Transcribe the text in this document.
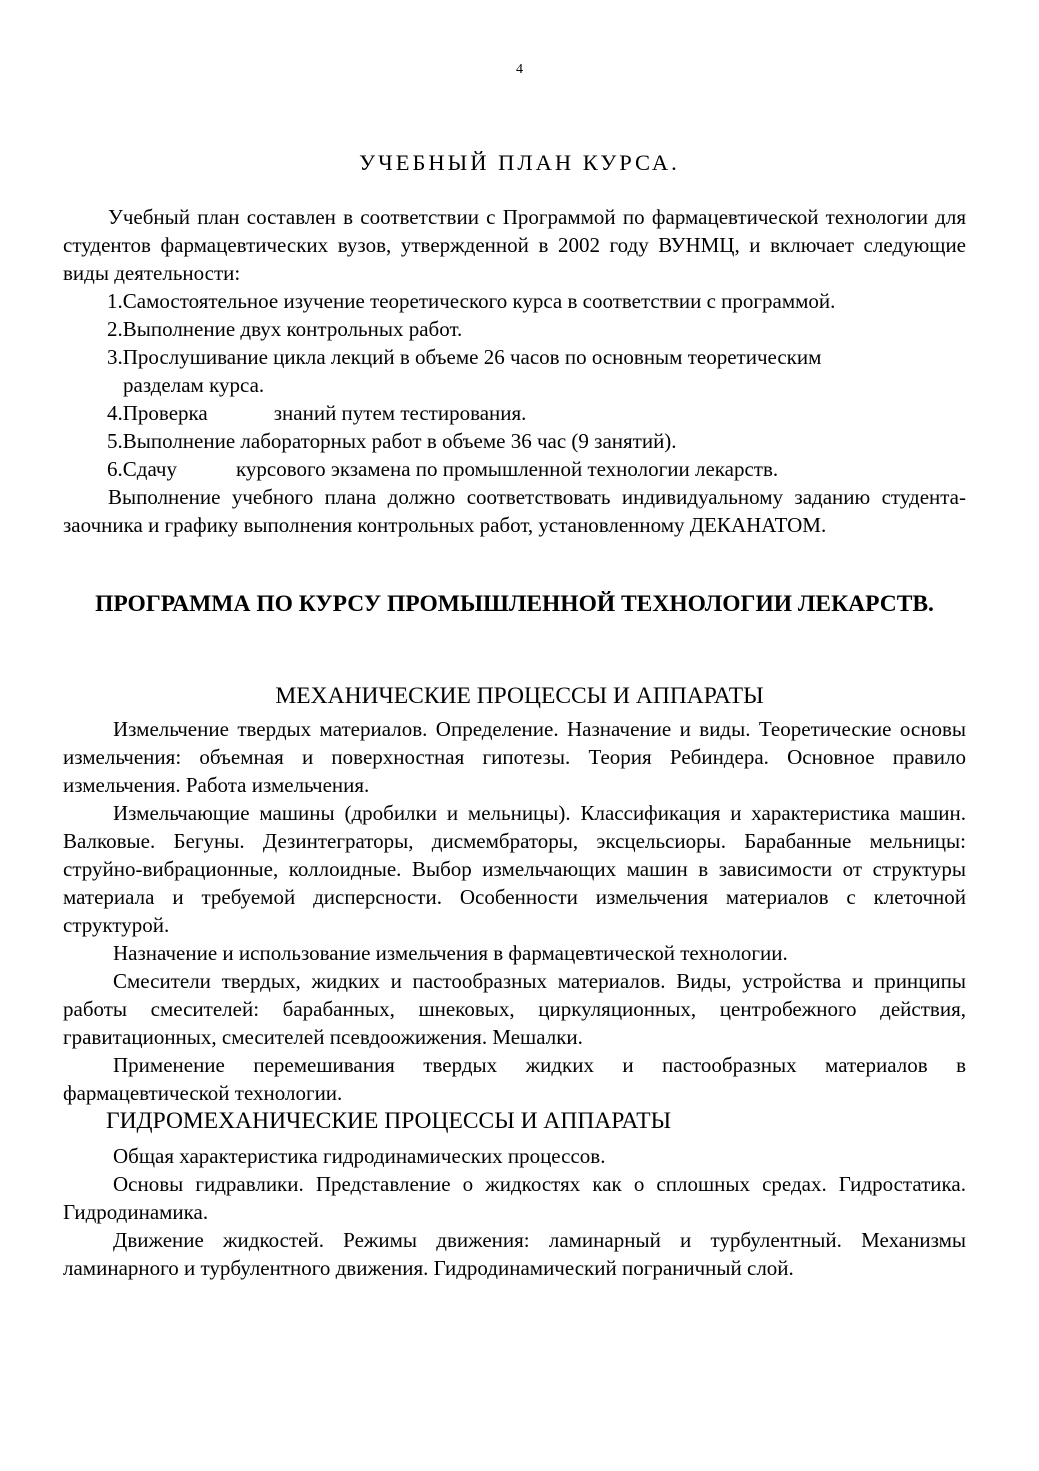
4
УЧЕБНЫЙ ПЛАН КУРСА.

Учебный план составлен в соответствии с Программой по фармацевтической технологии для студентов фармацевтических вузов, утвержденной в 2002 году ВУНМЦ, и включает следующие виды деятельности:

1.Самостоятельное изучение теоретического курса в соответствии с программой.

2.Выполнение двух контрольных работ.

3.Прослушивание цикла лекций в объеме 26 часов по основным теоретическим

разделам курса.

4.Проверка	знаний путем тестирования.

5.Выполнение лабораторных работ в объеме 36 час (9 занятий).

6.Сдачу	курсового экзамена по промышленной технологии лекарств.

Выполнение учебного плана должно соответствовать индивидуальному заданию студента-заочника и графику выполнения контрольных работ, установленному ДЕКАНАТОМ.

ПРОГРАММА ПО КУРСУ ПРОМЫШЛЕННОЙ ТЕХНОЛОГИИ ЛЕКАРСТВ.
МЕХАНИЧЕСКИЕ ПРОЦЕССЫ И АППАРАТЫ

Измельчение твердых материалов. Определение. Назначение и виды. Теоретические основы измельчения: объемная и поверхностная гипотезы. Теория Ребиндера. Основное правило измельчения. Работа измельчения.

Измельчающие машины (дробилки и мельницы). Классификация и характеристика машин. Валковые. Бегуны. Дезинтеграторы, дисмембраторы, эксцельсиоры. Барабанные мельницы: струйно-вибрационные, коллоидные. Выбор измельчающих машин в зависимости от структуры материала и требуемой дисперсности. Особенности измельчения материалов с клеточной структурой.

Назначение и использование измельчения в фармацевтической технологии.

Смесители твердых, жидких и пастообразных материалов. Виды, устройства и принципы работы смесителей: барабанных, шнековых, циркуляционных, центробежного действия, гравитационных, смесителей псевдоожижения. Мешалки.

Применение перемешивания твердых жидких и пастообразных материалов в фармацевтической технологии.

ГИДРОМЕХАНИЧЕСКИЕ ПРОЦЕССЫ И АППАРАТЫ

Общая характеристика гидродинамических процессов.

Основы гидравлики. Представление о жидкостях как о сплошных средах. Гидростатика. Гидродинамика.

Движение жидкостей. Режимы движения: ламинарный и турбулентный. Механизмы ламинарного и турбулентного движения. Гидродинамический пограничный слой.
